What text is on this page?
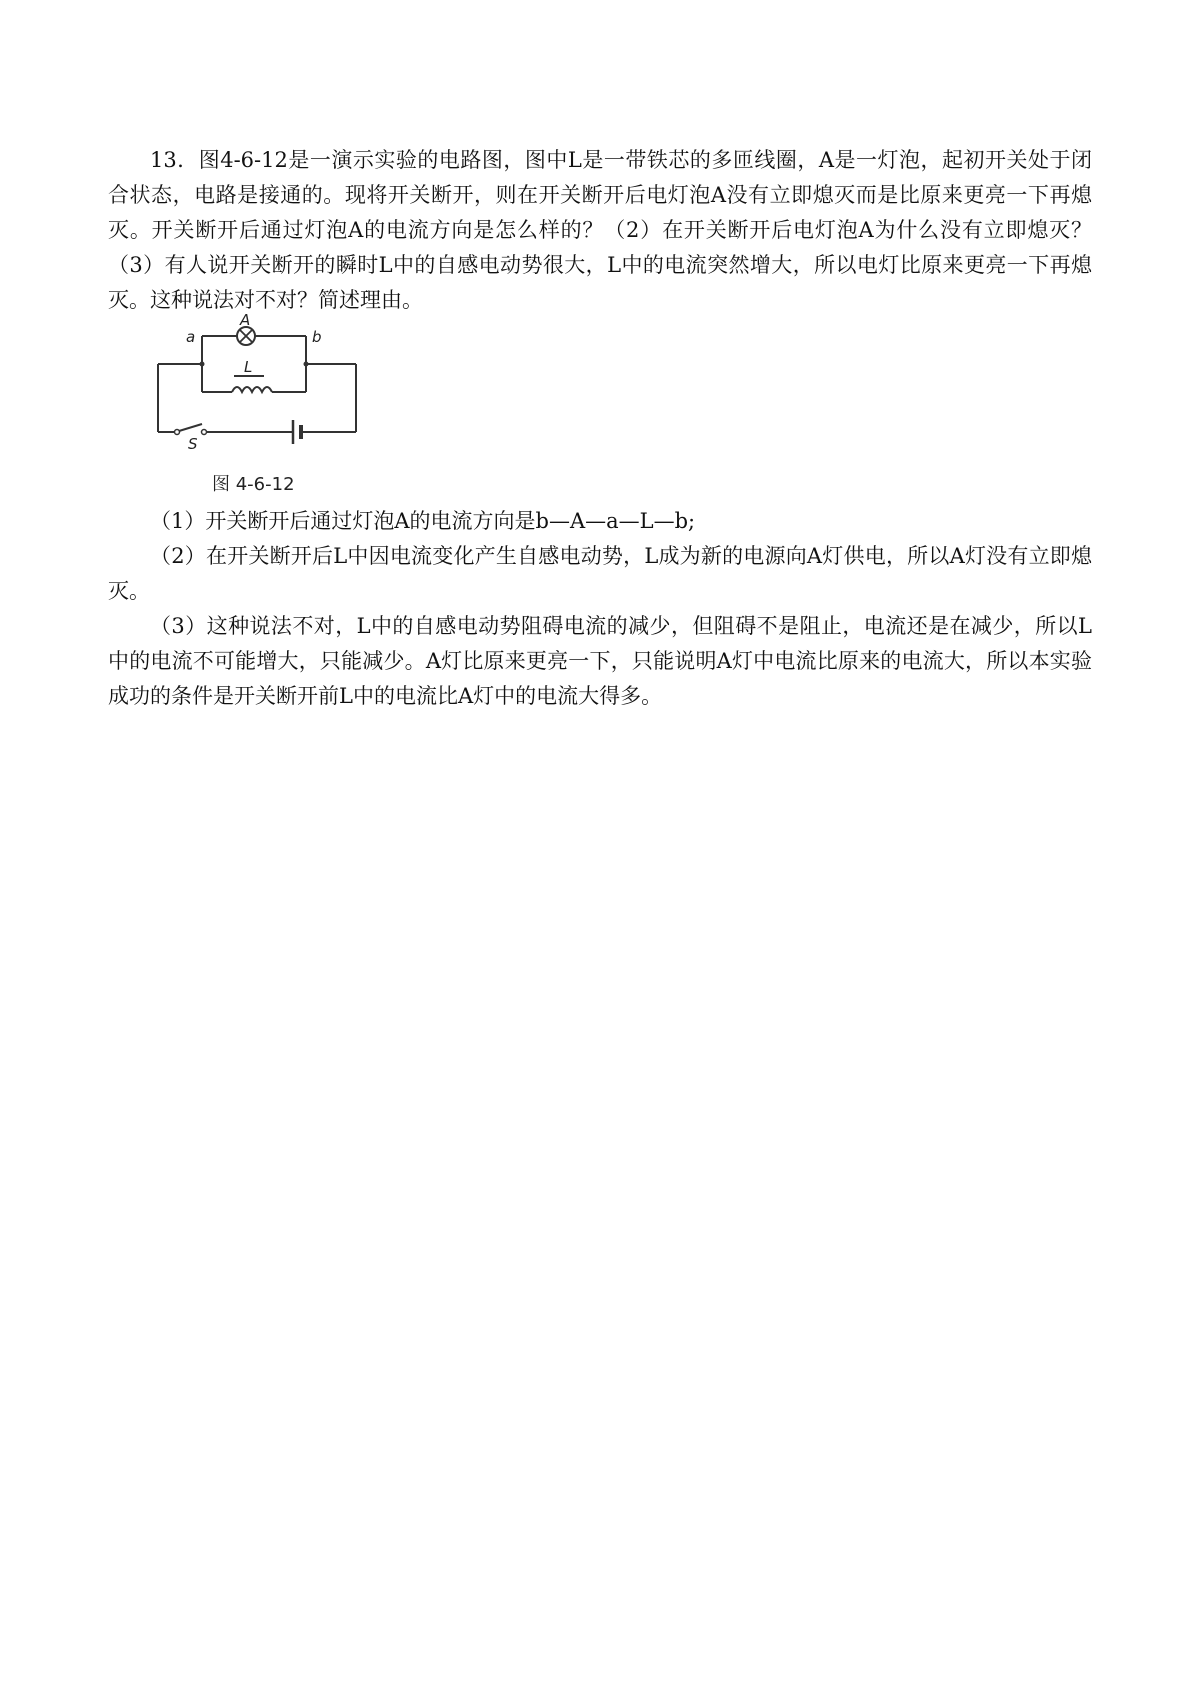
13．图4-6-12是一演示实验的电路图，图中L是一带铁芯的多匝线圈，A是一灯泡，起初开关处于闭合状态，电路是接通的。现将开关断开，则在开关断开后电灯泡A没有立即熄灭而是比原来更亮一下再熄灭。开关断开后通过灯泡A的电流方向是怎么样的？（2）在开关断开后电灯泡A为什么没有立即熄灭？（3）有人说开关断开的瞬时L中的自感电动势很大，L中的电流突然增大，所以电灯比原来更亮一下再熄灭。这种说法对不对？简述理由。

a	b
A
L
S
图 4-6-12

（1）开关断开后通过灯泡A的电流方向是b—A—a—L—b;

（2）在开关断开后L中因电流变化产生自感电动势，L成为新的电源向A灯供电，所以A灯没有立即熄灭。

（3）这种说法不对，L中的自感电动势阻碍电流的减少，但阻碍不是阻止，电流还是在减少，所以L中的电流不可能增大，只能减少。A灯比原来更亮一下，只能说明A灯中电流比原来的电流大，所以本实验成功的条件是开关断开前L中的电流比A灯中的电流大得多。
